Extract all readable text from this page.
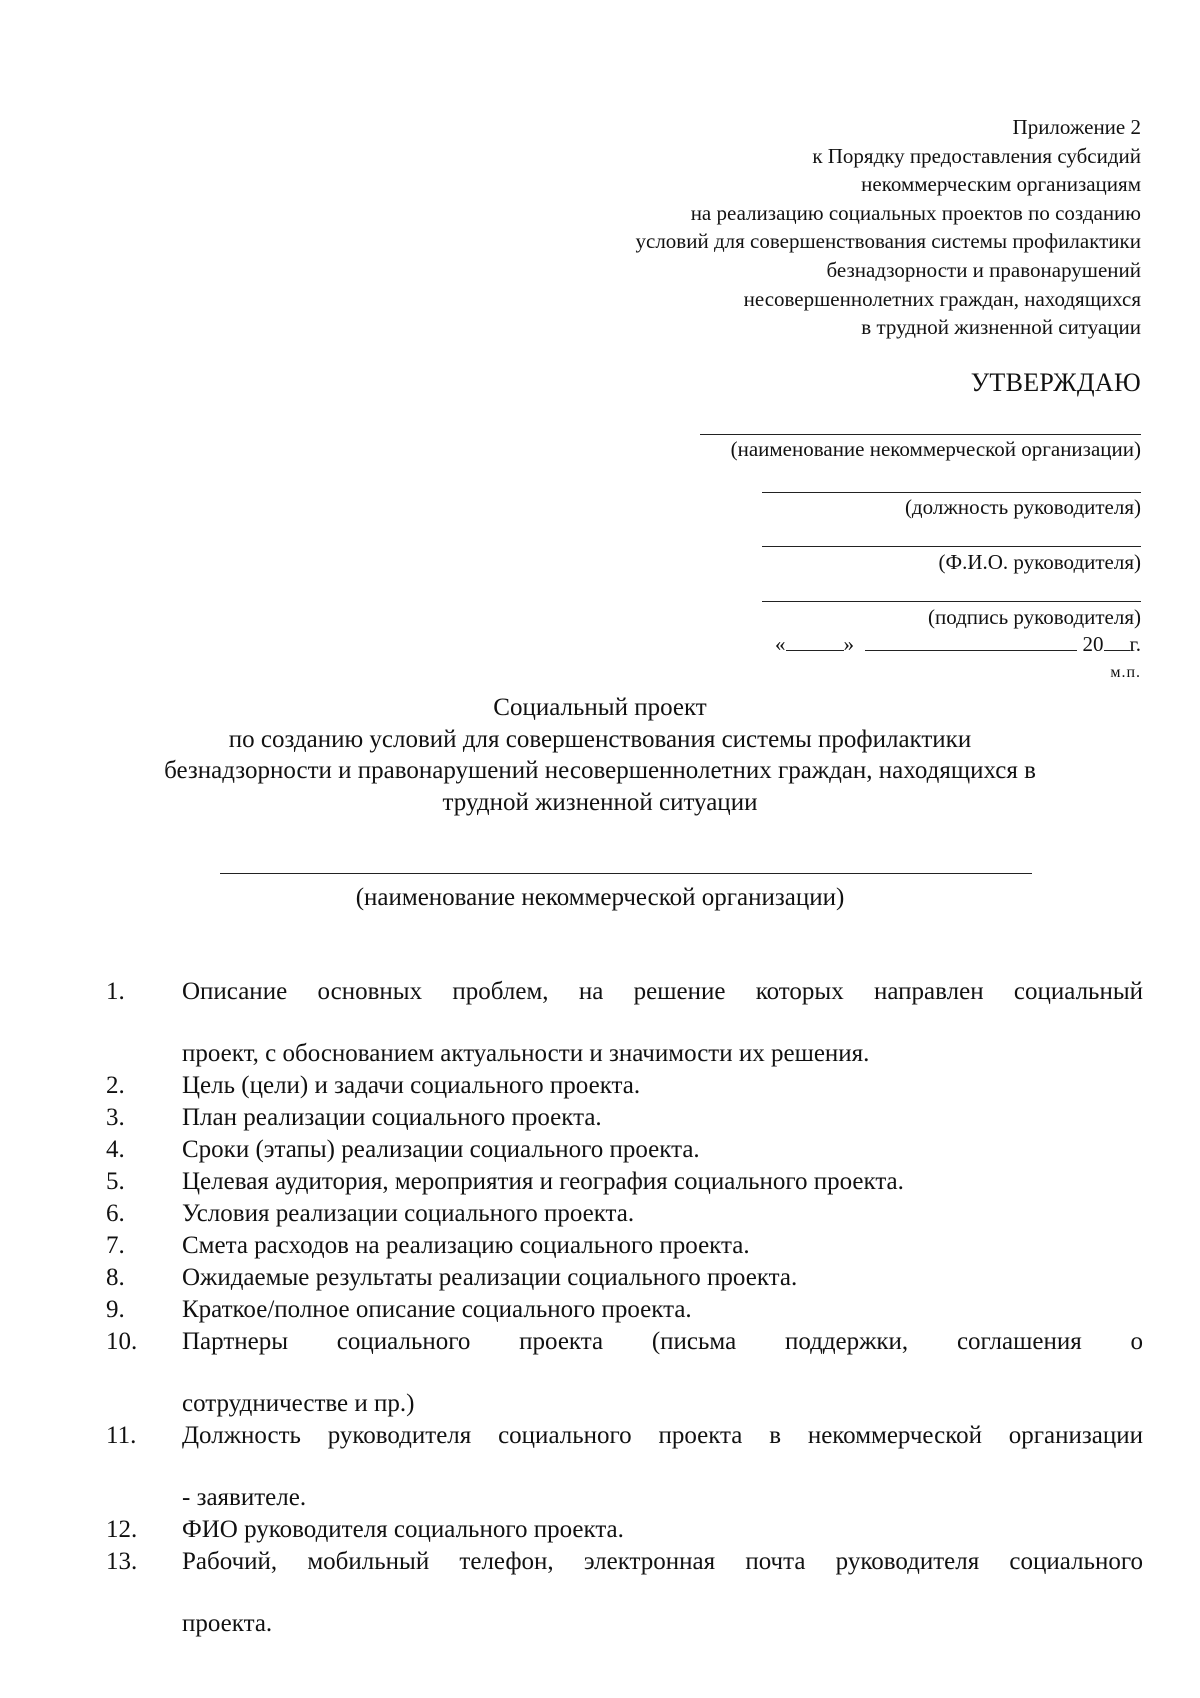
Приложение 2
к Порядку предоставления субсидий
некоммерческим организациям
на реализацию социальных проектов по созданию
условий для совершенствования системы профилактики
безнадзорности и правонарушений
несовершеннолетних граждан, находящихся
в трудной жизненной ситуации
УТВЕРЖДАЮ
(наименование некоммерческой организации)
(должность руководителя)
(Ф.И.О. руководителя)
(подпись руководителя)
«	»	20 г.
м.п.
Социальный проект
по созданию условий для совершенствования системы профилактики
безнадзорности и правонарушений несовершеннолетних граждан, находящихся в
трудной жизненной ситуации
(наименование некоммерческой организации)
1.	Описание основных проблем, на решение которых направлен социальный
проект, с обоснованием актуальности и значимости их решения.
2.	Цель (цели) и задачи социального проекта.
3.	План реализации социального проекта.
4.	Сроки (этапы) реализации социального проекта.
5.	Целевая аудитория, мероприятия и география социального проекта.
6.	Условия реализации социального проекта.
7.	Смета расходов на реализацию социального проекта.
8.	Ожидаемые результаты реализации социального проекта.
9.	Краткое/полное описание социального проекта.
10.	Партнеры социального проекта (письма поддержки, соглашения о
сотрудничестве и пр.)
11.	Должность руководителя социального проекта в некоммерческой организации
- заявителе.
12.	ФИО руководителя социального проекта.
13.	Рабочий, мобильный телефон, электронная почта руководителя социального
проекта.
